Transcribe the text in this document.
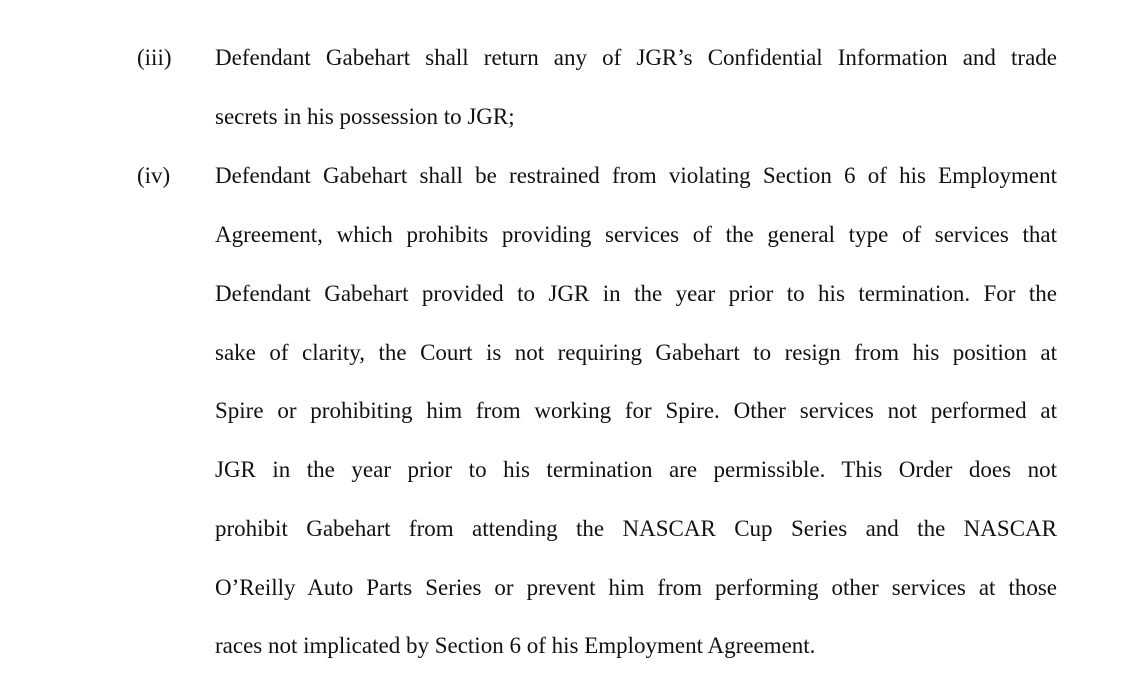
(iii) Defendant Gabehart shall return any of JGR’s Confidential Information and trade
secrets in his possession to JGR;
(iv) Defendant Gabehart shall be restrained from violating Section 6 of his Employment
Agreement, which prohibits providing services of the general type of services that
Defendant Gabehart provided to JGR in the year prior to his termination. For the
sake of clarity, the Court is not requiring Gabehart to resign from his position at
Spire or prohibiting him from working for Spire. Other services not performed at
JGR in the year prior to his termination are permissible. This Order does not
prohibit Gabehart from attending the NASCAR Cup Series and the NASCAR
O’Reilly Auto Parts Series or prevent him from performing other services at those
races not implicated by Section 6 of his Employment Agreement.
